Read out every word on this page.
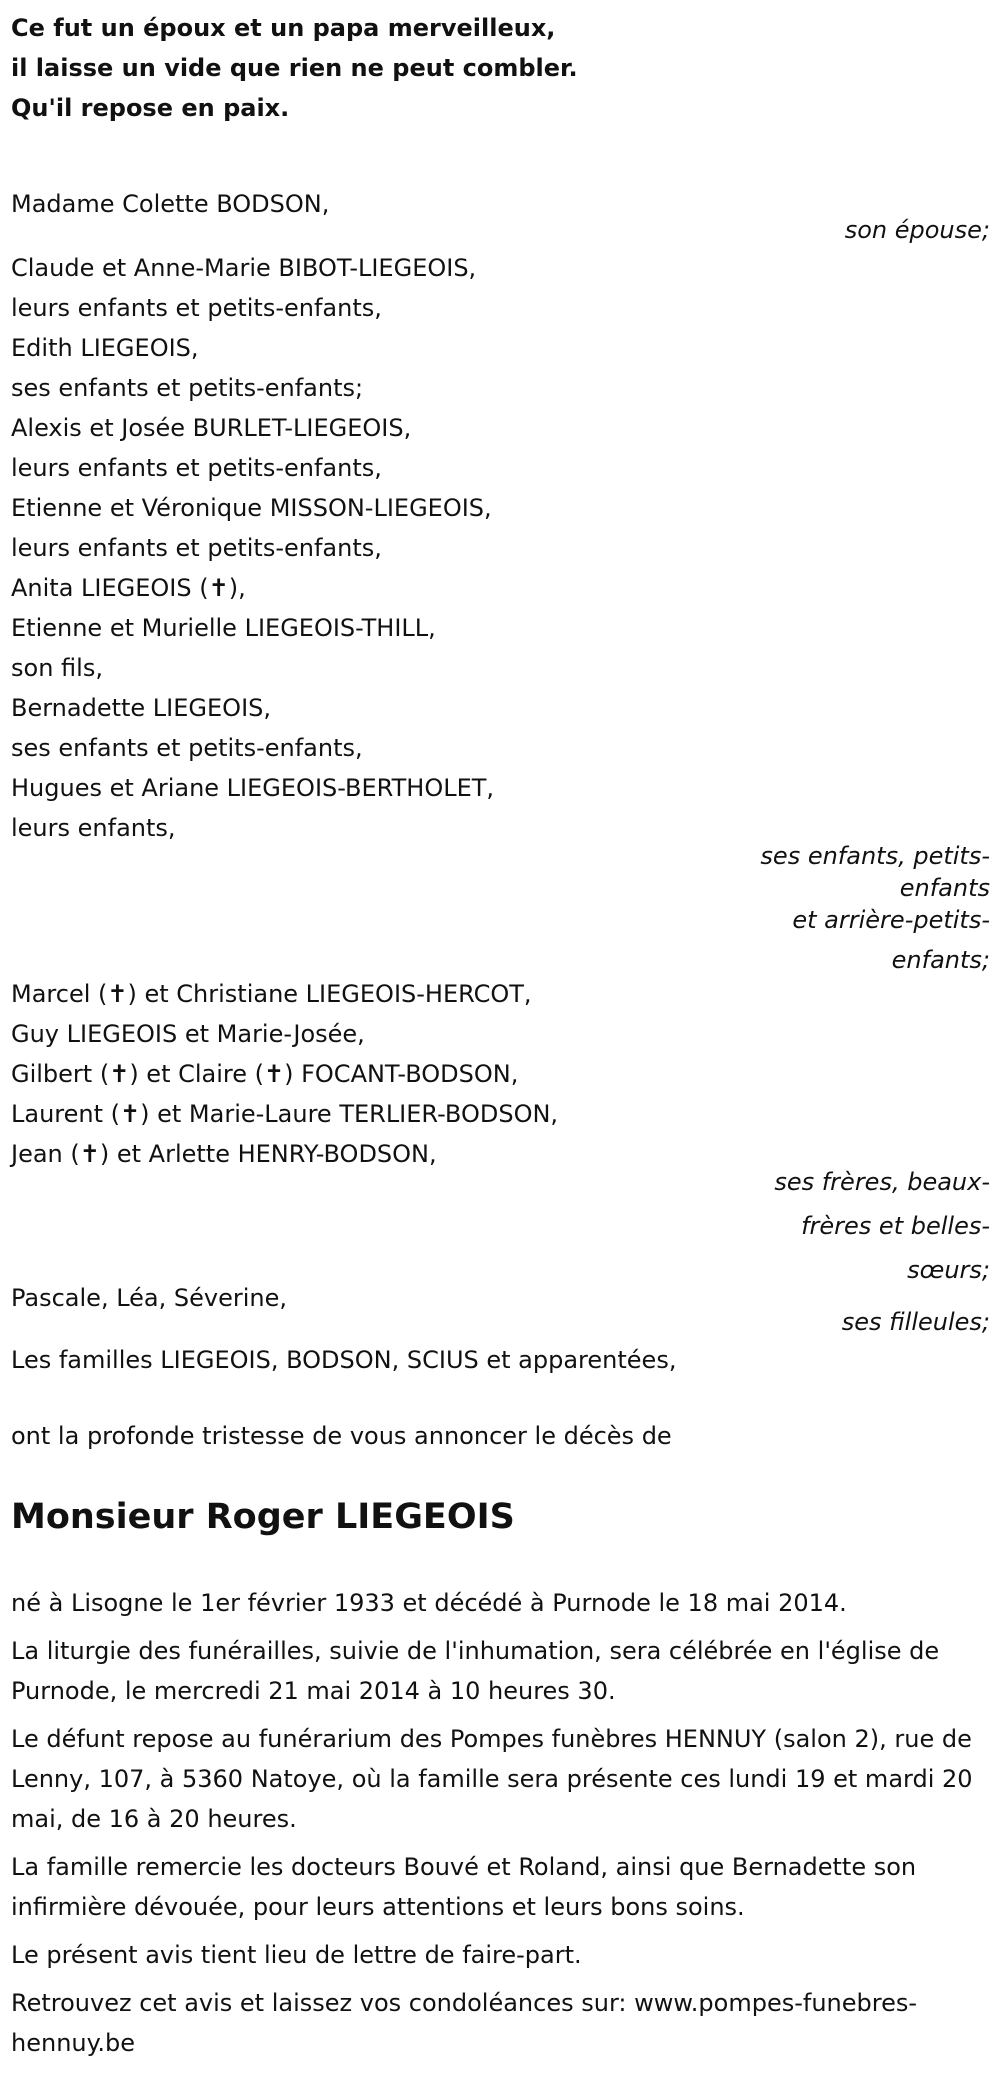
Ce fut un époux et un papa merveilleux,
il laisse un vide que rien ne peut combler.
Qu'il repose en paix.
Madame Colette BODSON,
son épouse;
Claude et Anne-Marie BIBOT-LIEGEOIS,
leurs enfants et petits-enfants,
Edith LIEGEOIS,
ses enfants et petits-enfants;
Alexis et Josée BURLET-LIEGEOIS,
leurs enfants et petits-enfants,
Etienne et Véronique MISSON-LIEGEOIS,
leurs enfants et petits-enfants,
Anita LIEGEOIS (✝),
Etienne et Murielle LIEGEOIS-THILL,
son fils,
Bernadette LIEGEOIS,
ses enfants et petits-enfants,
Hugues et Ariane LIEGEOIS-BERTHOLET,
leurs enfants,
ses enfants, petits-
enfants
et arrière-petits-
enfants;
Marcel (✝) et Christiane LIEGEOIS-HERCOT,
Guy LIEGEOIS et Marie-Josée,
Gilbert (✝) et Claire (✝) FOCANT-BODSON,
Laurent (✝) et Marie-Laure TERLIER-BODSON,
Jean (✝) et Arlette HENRY-BODSON,
ses frères, beaux-
frères et belles-
sœurs;
Pascale, Léa, Séverine,
ses filleules;
Les familles LIEGEOIS, BODSON, SCIUS et apparentées,
ont la profonde tristesse de vous annoncer le décès de
Monsieur Roger LIEGEOIS

né à Lisogne le 1er février 1933 et décédé à Purnode le 18 mai 2014.

La liturgie des funérailles, suivie de l'inhumation, sera célébrée en l'église de Purnode, le mercredi 21 mai 2014 à 10 heures 30.

Le défunt repose au funérarium des Pompes funèbres HENNUY (salon 2), rue de Lenny, 107, à 5360 Natoye, où la famille sera présente ces lundi 19 et mardi 20 mai, de 16 à 20 heures.

La famille remercie les docteurs Bouvé et Roland, ainsi que Bernadette son infirmière dévouée, pour leurs attentions et leurs bons soins.

Le présent avis tient lieu de lettre de faire-part.

Retrouvez cet avis et laissez vos condoléances sur: www.pompes-funebres-hennuy.be
